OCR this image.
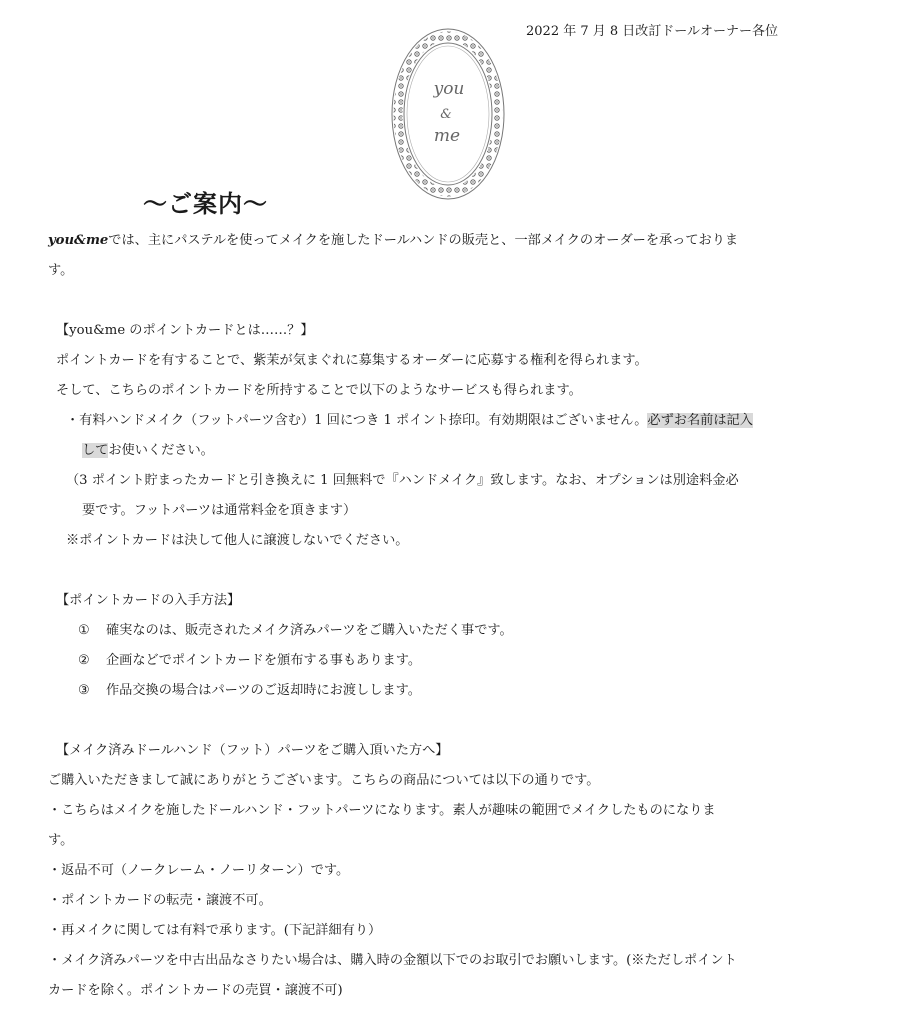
2022 年 7 月 8 日改訂ドールオーナー各位
you
&
me
～ご案内～
you&meでは、主にパステルを使ってメイクを施したドールハンドの販売と、一部メイクのオーダーを承っておりま
す。
【you&me のポイントカードとは……？】
ポイントカードを有することで、紫茉が気まぐれに募集するオーダーに応募する権利を得られます。
そして、こちらのポイントカードを所持することで以下のようなサービスも得られます。
・有料ハンドメイク（フットパーツ含む）1 回につき 1 ポイント捺印。有効期限はございません。必ずお名前は記入
してお使いください。
（3 ポイント貯まったカードと引き換えに 1 回無料で『ハンドメイク』致します。なお、オプションは別途料金必
要です。フットパーツは通常料金を頂きます）
※ポイントカードは決して他人に譲渡しないでください。
【ポイントカードの入手方法】
① 確実なのは、販売されたメイク済みパーツをご購入いただく事です。
② 企画などでポイントカードを頒布する事もあります。
③ 作品交換の場合はパーツのご返却時にお渡しします。
【メイク済みドールハンド（フット）パーツをご購入頂いた方へ】
ご購入いただきまして誠にありがとうございます。こちらの商品については以下の通りです。
・こちらはメイクを施したドールハンド・フットパーツになります。素人が趣味の範囲でメイクしたものになりま
す。
・返品不可（ノークレーム・ノーリターン）です。
・ポイントカードの転売・譲渡不可。
・再メイクに関しては有料で承ります。(下記詳細有り）
・メイク済みパーツを中古出品なさりたい場合は、購入時の金額以下でのお取引でお願いします。(※ただしポイント
カードを除く。ポイントカードの売買・譲渡不可)
